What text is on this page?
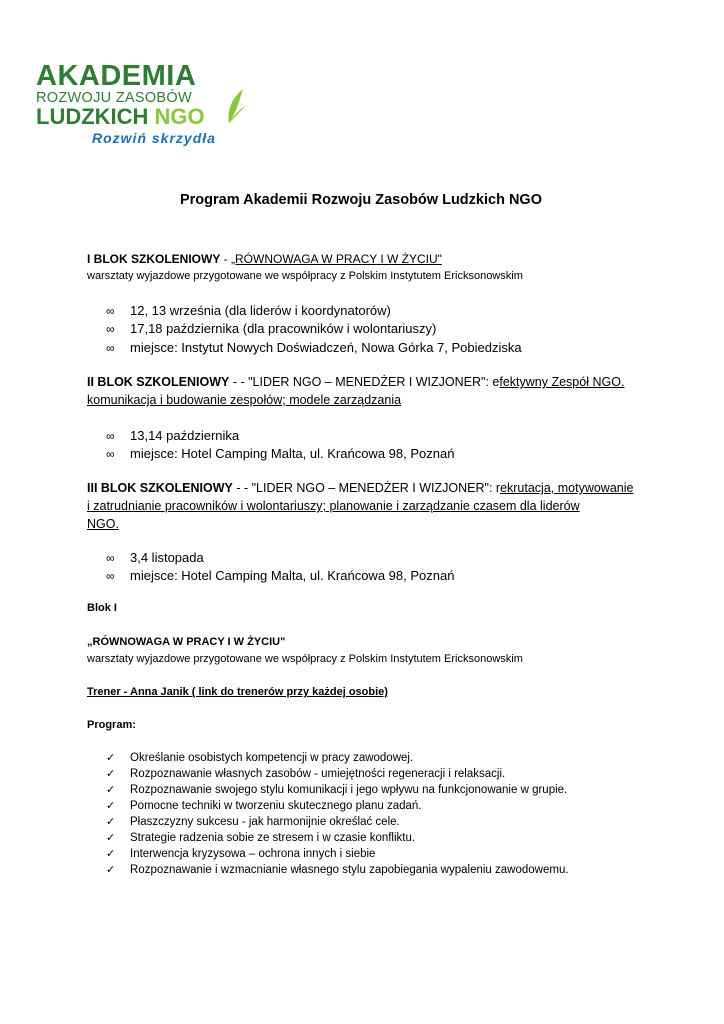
AKADEMIA
ROZWOJU ZASOBÓW
LUDZKICH NGO
Rozwiń skrzydła
Program Akademii Rozwoju Zasobów Ludzkich NGO
I BLOK SZKOLENIOWY - „RÓWNOWAGA W PRACY I W ŻYCIU"
warsztaty wyjazdowe przygotowane we współpracy z Polskim Instytutem Ericksonowskim
∞ 12, 13 września (dla liderów i koordynatorów)
∞ 17,18 października (dla pracowników i wolontariuszy)
∞ miejsce: Instytut Nowych Doświadczeń, Nowa Górka 7, Pobiedziska
II BLOK SZKOLENIOWY - - "LIDER NGO – MENEDŻER I WIZJONER": efektywny Zespół NGO.
komunikacja i budowanie zespołów; modele zarządzania
∞ 13,14 października
∞ miejsce: Hotel Camping Malta, ul. Krańcowa 98, Poznań
III BLOK SZKOLENIOWY - - "LIDER NGO – MENEDŻER I WIZJONER": rekrutacja, motywowanie
i zatrudnianie pracowników i wolontariuszy; planowanie i zarządzanie czasem dla liderów
NGO.
∞ 3,4 listopada
∞ miejsce: Hotel Camping Malta, ul. Krańcowa 98, Poznań
Blok I
„RÓWNOWAGA W PRACY I W ŻYCIU"
warsztaty wyjazdowe przygotowane we współpracy z Polskim Instytutem Ericksonowskim
Trener - Anna Janik ( link do trenerów przy każdej osobie)
Program:
✓ Określanie osobistych kompetencji w pracy zawodowej.
✓ Rozpoznawanie własnych zasobów - umiejętności regeneracji i relaksacji.
✓ Rozpoznawanie swojego stylu komunikacji i jego wpływu na funkcjonowanie w grupie.
✓ Pomocne techniki w tworzeniu skutecznego planu zadań.
✓ Płaszczyzny sukcesu - jak harmonijnie określać cele.
✓ Strategie radzenia sobie ze stresem i w czasie konfliktu.
✓ Interwencja kryzysowa – ochrona innych i siebie
✓ Rozpoznawanie i wzmacnianie własnego stylu zapobiegania wypaleniu zawodowemu.
